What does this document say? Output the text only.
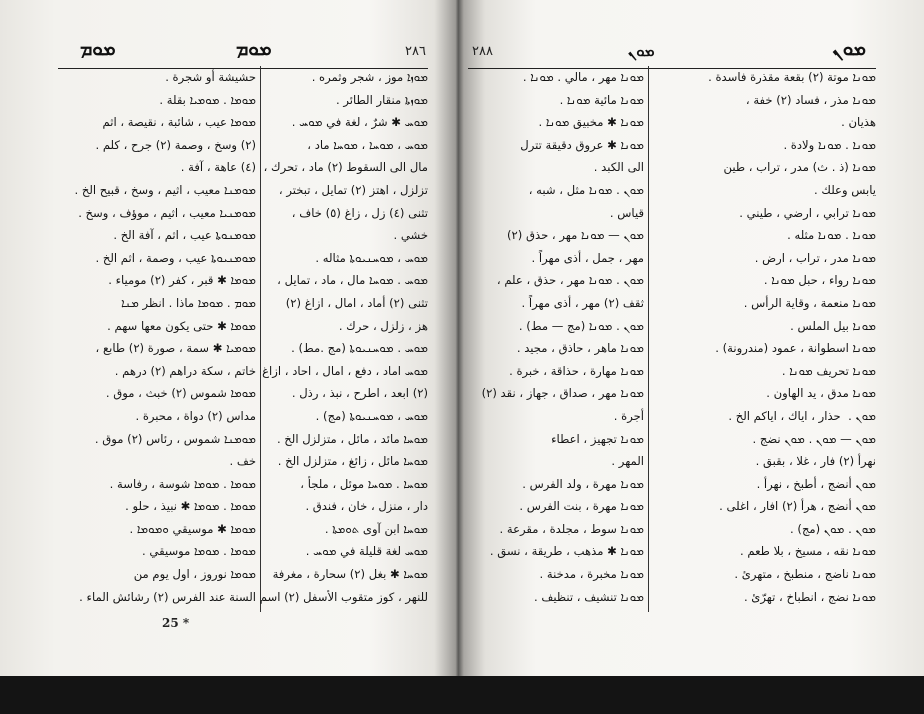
ܡܘܡ	ܡܘܡ	٢٨٦
حشيشة أو شجرة .
ܡܘܡܐ . ܡܘܡܝܐ بقلة .
ܡܘܡܐ عيب ، شائبة ، نقيصة ، اثم
(٢) وسخ ، وصمة (٢) جرح ، كلم .
(٤) عاهة ، آفة .
ܡܘܡܢܐ معيب ، اثيم ، وسخ ، قبيح الخ .
ܡܘܡܢܝܐ معيب ، اثيم ، موؤف ، وسخ .
ܡܘܡܢܘܬܐ عيب ، اثم ، آفة الخ .
ܡܘܡܢܝܘܬܐ عيب ، وصمة ، اثم الخ .
ܡܘܡܐ ✱ قبر ، كفر (٢) مومياء .
ܡܘܡ . ܡܘܡܐ ماذا . انظر ܡܢܐ
ܡܘܡܐ ✱ حتى يكون معها سهم .
ܡܘܡܝܐ ✱ سمة ، صورة (٢) طابع ،
خاتم ، سكة دراهم (٢) درهم .
ܡܘܡܐ شموس (٢) خبث ، موق .
مداس (٢) دواة ، محبرة .
ܡܘܡܢܐ شموس ، رئاس (٢) موق .
خف .
ܡܘܡܐ . ܡܘܡܐ شوسة ، رفاسة .
ܡܘܡܐ . ܡܘܡܐ ✱ نبيذ ، حلو .
ܡܘܡܐ ✱ موسيقي ܘܡܘܡܐ .
ܡܘܡܐ . ܡܘܡܐ موسيقي .
ܡܘܡܐ نوروز ، اول يوم من
السنة عند الفرس (٢) رشائش الماء .
ܡܘܙܐ موز ، شجر وثمره .
ܡܘܙܬܐ منقار الطائر .
ܡܘܚ ✱ شرٌ ، لغة في ܡܘܚ .
ܡܘܚ ، ܡܘܚܐ ، ܡܘܚܐ ماد ،
مال الى السقوط (٢) ماد ، تحرك ،
تزلزل ، اهتز (٢) تمايل ، تبختر ،
تثنى (٤) زل ، زاغ (٥) خاف ،
خشي .
ܡܘܚ ، ܡܘܚܢܝܘܬܐ مثاله .
ܡܘܚ . ܡܘܚܐ مال ، ماد ، تمايل ،
تثنى (٢) أماد ، امال ، ازاغ (٢)
هز ، زلزل ، حرك .
ܡܘܚ . ܡܘܚܢܝܘܬܐ (مج .مط) .
ܡܘܚ اماد ، دفع ، امال ، احاد ، ازاغ
(٢) ابعد ، اطرح ، نبذ ، رذل .
ܡܘܚ ، ܡܘܚܢܝܘܬܐ (مج) .
ܡܘܚܐ مائد ، مائل ، متزلزل الخ .
ܡܘܚܐ مائل ، زائغ ، متزلزل الخ .
ܡܘܚܐ . ܡܘܚܐ موئل ، ملجأ ،
دار ، منزل ، خان ، فندق .
ܡܘܚܐ ابن آوى ܬܘܡܬܐ .
ܡܘܚ لغة قليلة في ܡܘܚ .
ܡܘܚܐ ✱ بغل (٢) سحارة ، مغرفة
للنهر ، كوز متقوب الأسفل (٢) اسم
25 *
٢٨٨	ܡܘܢ	ܡܘܢ
ܡܘܢܐ مهر ، مالي . ܡܘܢܐ .
ܡܘܢܐ مائية ܡܘܢܐ .
ܡܘܢܐ ✱ مخبيق ܡܘܢܐ .
ܡܘܢܐ ✱ عروق دقيقة تترل
الى الكبد .
ܡܘܢ . ܡܘܢܐ مثل ، شبه ،
قياس .
ܡܘܢ — ܡܘܢܐ مهر ، حذق (٢)
مهر ، جمل ، أذى مهراً .
ܡܘܢ . ܡܘܢܐ مهر ، حذق ، علم ،
ثقف (٢) مهر ، أذى مهراً .
ܡܘܢ . ܡܘܢܐ (مج — مط) .
ܡܘܢܐ ماهر ، حاذق ، مجيد .
ܡܘܢܐ مهارة ، حذاقة ، خبرة .
ܡܘܢܐ مهر ، صداق ، جهاز ، نقد (٢)
أجرة .
ܡܘܢܐ تجهيز ، اعطاء
المهر .
ܡܘܢܐ مهرة ، ولد الفرس .
ܡܘܢܐ مهرة ، بنت الفرس .
ܡܘܢܐ سوط ، مجلدة ، مقرعة .
ܡܘܢܐ ✱ مذهب ، طريقة ، نسق .
ܡܘܢܐ مخبرة ، مدخنة .
ܡܘܢܐ تنشيف ، تنظيف .
ܡܘܢܐ موتة (٢) بقعة مقذرة فاسدة .
ܡܘܢܐ مذر ، فساد (٢) خفة ،
هذيان .
ܡܘܢܐ . ܡܘܢܐ ولادة .
ܡܘܢܐ (ذ . ث) مدر ، تراب ، طين
يابس وعلك .
ܡܘܢܐ ترابي ، ارضي ، طيني .
ܡܘܢܐ . ܡܘܢܐ مثله .
ܡܘܢܐ مدر ، تراب ، ارض .
ܡܘܢܐ رواء ، حبل ܡܘܢܐ .
ܡܘܢܐ منعمة ، وقاية الرأس .
ܡܘܢܐ بيل الملس .
ܡܘܢܐ اسطوانة ، عمود (مندرونة) .
ܡܘܢܐ تحريف ܡܘܢܐ .
ܡܘܢܐ مدق ، يد الهاون .
ܡܘܢ . ‌ حذار ، اياك ، اياكم الخ .
ܡܘܢ — ܡܘܢ . ܡܘܢ نضج .
نهرأ (٢) فار ، غلا ، بقبق .
ܡܘܢ أنضج ، أطبخ ، نهرأ .
ܡܘܢ أنضج ، هرأ (٢) افار ، اغلى .
ܡܘܢ . ܡܘܢ (مج) .
ܡܘܢܐ نقه ، مسيخ ، بلا طعم .
ܡܘܢܐ ناضج ، منطبخ ، متهرئ .
ܡܘܢܐ نضج ، انطباخ ، تهرّئ .
